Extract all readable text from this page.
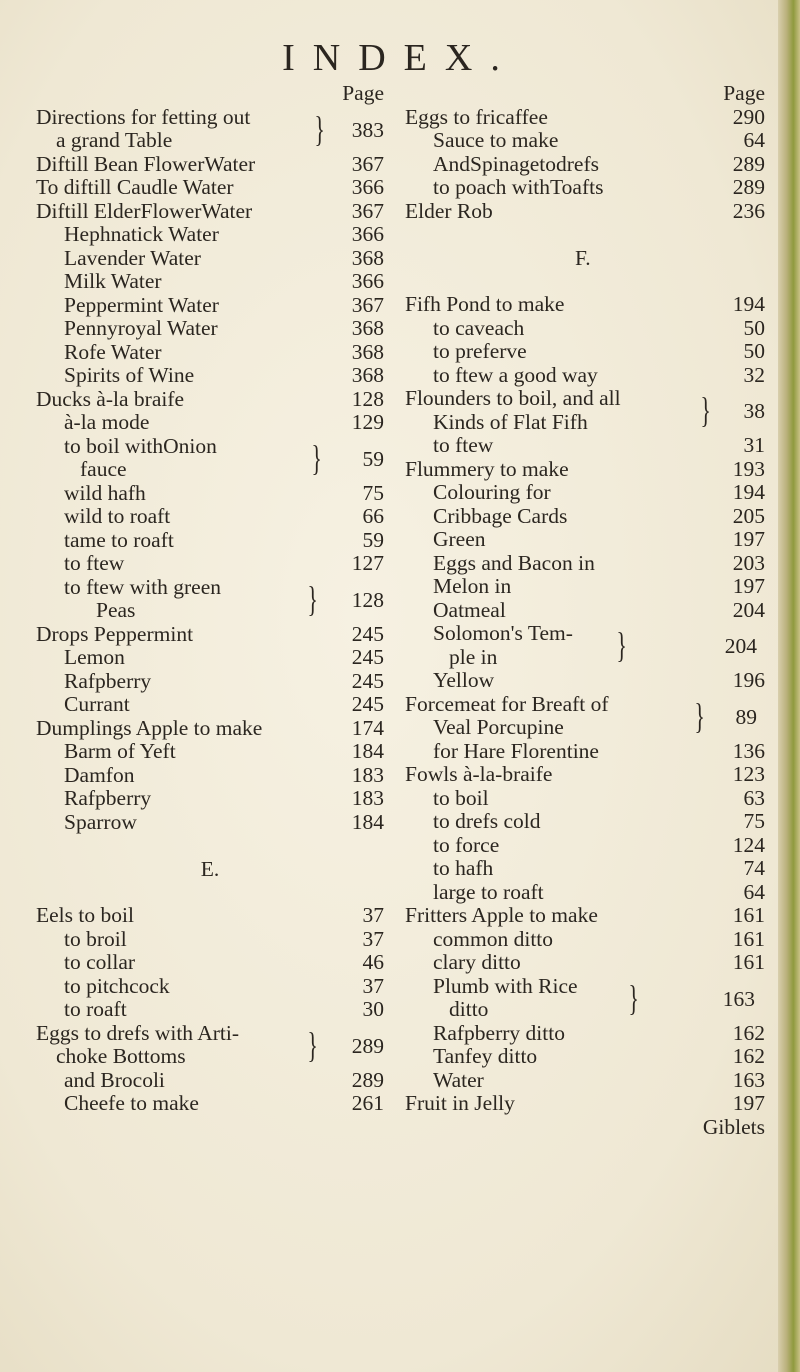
INDEX.
Page
Directions for fetting out
a grand Table	} 383
Diftill Bean FlowerWater	367
To diftill Caudle Water	366
Diftill ElderFlowerWater	367
Hephnatick Water	366
Lavender Water	368
Milk Water	366
Peppermint Water	367
Pennyroyal Water	368
Rofe Water	368
Spirits of Wine	368
Ducks à-la braife	128
à-la mode	129
to boil withOnion
fauce	} 59
wild hafh	75
wild to roaft	66
tame to roaft	59
to ftew	127
to ftew with green
Peas	} 128
Drops Peppermint	245
Lemon	245
Rafpberry	245
Currant	245
Dumplings Apple to make	174
Barm of Yeft	184
Damfon	183
Rafpberry	183
Sparrow	184
E.
Eels to boil	37
to broil	37
to collar	46
to pitchcock	37
to roaft	30
Eggs to drefs with Arti-
choke Bottoms	} 289
and Brocoli	289
Cheefe to make	261
Page
Eggs to fricaffee	290
Sauce to make	64
AndSpinagetodrefs	289
to poach withToafts	289
Elder Rob	236
F.
Fifh Pond to make	194
to caveach	50
to preferve	50
to ftew a good way	32
Flounders to boil, and all
Kinds of Flat Fifh	} 38
to ftew	31
Flummery to make	193
Colouring for	194
Cribbage Cards	205
Green	197
Eggs and Bacon in	203
Melon in	197
Oatmeal	204
Solomon's Tem-
ple in	}	204
Yellow	196
Forcemeat for Breaft of
Veal Porcupine	} 89
for Hare Florentine	136
Fowls à-la-braife	123
to boil	63
to drefs cold	75
to force	124
to hafh	74
large to roaft	64
Fritters Apple to make	161
common ditto	161
clary ditto	161
Plumb with Rice
ditto	}	163
Rafpberry ditto	162
Tanfey ditto	162
Water	163
Fruit in Jelly	197
Giblets
